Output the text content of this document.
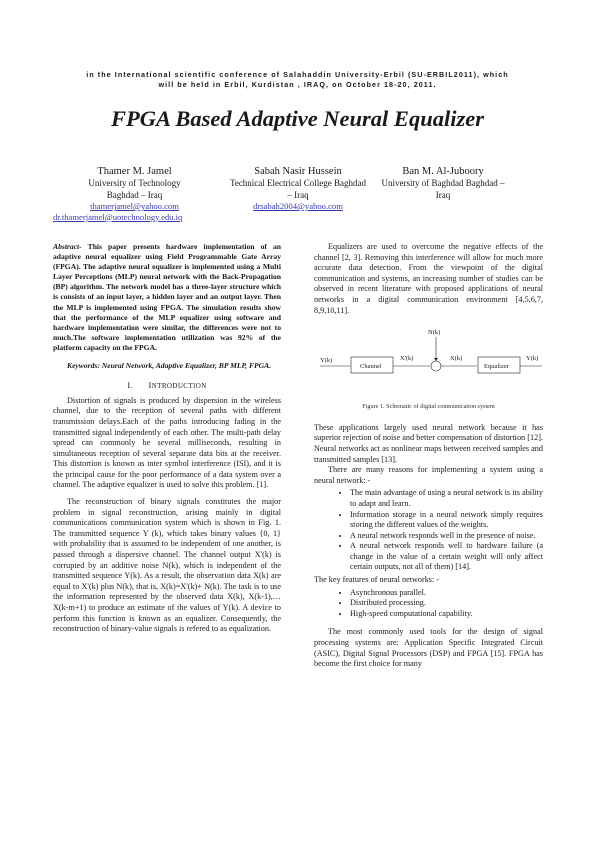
in the International scientific conference of Salahaddin University-Erbil (SU-ERBIL2011), which
will be held in Erbil, Kurdistan , IRAQ, on October 18-20, 2011.
FPGA Based Adaptive Neural Equalizer
Thamer M. Jamel
University of Technology Baghdad – Iraq
thamerjamel@yahoo.com
dr.thamerjamel@uotechnology.edu.iq
Sabah Nasir Hussein
Technical Electrical College Baghdad – Iraq
drsabah2004@yahoo.com
Ban M. Al-Juboory
University of Baghdad Baghdad – Iraq

Abstract- This paper presents hardware implementation of an adaptive neural equalizer using Field Programmable Gate Array (FPGA). The adaptive neural equalizer is implemented using a Multi Layer Perceptions (MLP) neural network with the Back-Propagation (BP) algorithm. The network model has a three-layer structure which is consists of an input layer, a hidden layer and an output layer. Then the MLP is implemented using FPGA. The simulation results show that the performance of the MLP equalizer using software and hardware implementation were similar, the differences were not to much.The software implementation utilization was 92% of the platform capacity on the FPGA.

Keywords: Neural Network, Adaptive Equalizer, BP MLP, FPGA.

I. INTRODUCTION

Distortion of signals is produced by dispersion in the wireless channel, due to the reception of several paths with different transmission delays.Each of the paths introducing fading in the transmitted signal independently of each other. The multi-path delay spread can commonly be several milliseconds, resulting in simultaneous reception of several separate data bits at the receiver. This distortion is known as inter symbol interference (ISI), and it is the principal cause for the poor performance of a data system over a channel. The adaptive equalizer is used to solve this problem. [1].

The reconstruction of binary signals constitutes the major problem in signal reconstruction, arising mainly in digital communications communication system which is shown in Fig. 1. The transmitted sequence Y (k), which takes binary values {0, 1} with probability that is assumed to be independent of one another, is passed through a dispersive channel. The channel output X'(k) is corrupted by an additive noise N(k), which is independent of the transmitted sequence Y(k). As a result, the observation data X(k) are equal to X'(k) plus N(k), that is, X(k)=X'(k)+ N(k). The task is to use the information represented by the observed data X(k), X(k-1),…X(k-m+1) to produce an estimate of the values of Y(k). A device to perform this function is known as an equalizer. Consequently, the reconstruction of binary-value signals is refered to as equalization.

Equalizers are used to overcome the negative effects of the channel [2, 3]. Removing this interference will allow for much more accurate data detection. From the viewpoint of the digital communication and systems, an increasing number of studies can be observed in recent literature with proposed applications of neural networks in a digital communication environment [4,5,6,7, 8,9,10,11].

Y(k)
Channel
X'(k)
N(k)
X(k)
Equalizer
Y(k)
Figure 1. Schematic of digital communication system

These applications largely used neural network because it has superior rejection of noise and better compensation of distortion [12]. Neural networks act as nonlinear maps between received samples and transmitted samples [13].

There are many reasons for implementing a system using a neural network: -

• The main advantage of using a neural network is its ability to adapt and learn.
• Information storage in a neural network simply requires storing the different values of the weights.
• A neural network responds well in the presence of noise.
• A neural network responds well to hardware failure (a change in the value of a certain weight will only affect certain outputs, not all of them) [14].

The key features of neural networks: -

• Asynchronous parallel.
• Distributed processing.
• High-speed computational capability.

The most commonly used tools for the design of signal processing systems are: Application Specific Integrated Circuit (ASIC), Digital Signal Processors (DSP) and FPGA [15]. FPGA has become the first choice for many
